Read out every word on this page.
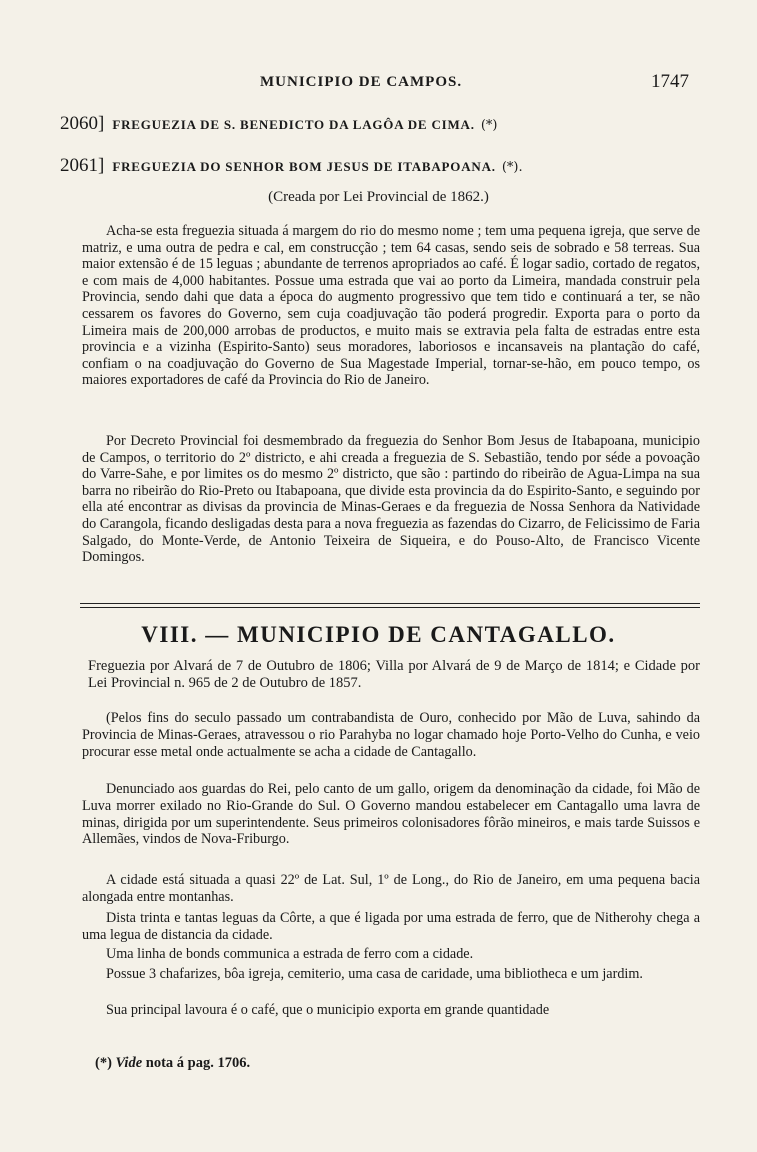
MUNICIPIO DE CAMPOS.	1747
2060] FREGUEZIA DE S. BENEDICTO DA LAGÔA DE CIMA. (*)
2061] FREGUEZIA DO SENHOR BOM JESUS DE ITABAPOANA. (*).
(Creada por Lei Provincial de 1862.)
Acha-se esta freguezia situada á margem do rio do mesmo nome ; tem uma pequena igreja, que serve de matriz, e uma outra de pedra e cal, em construcção ; tem 64 casas, sendo seis de sobrado e 58 terreas. Sua maior extensão é de 15 leguas ; abundante de terrenos apropriados ao café. É logar sadio, cortado de regatos, e com mais de 4,000 habitantes. Possue uma estrada que vai ao porto da Limeira, mandada construir pela Provincia, sendo dahi que data a época do augmento progressivo que tem tido e continuará a ter, se não cessarem os favores do Governo, sem cuja coadjuvação tão poderá progredir. Exporta para o porto da Limeira mais de 200,000 arrobas de productos, e muito mais se extravia pela falta de estradas entre esta provincia e a vizinha (Espirito-Santo) seus moradores, laboriosos e incansaveis na plantação do café, confiam o na coadjuvação do Governo de Sua Magestade Imperial, tornar-se-hão, em pouco tempo, os maiores exportadores de café da Provincia do Rio de Janeiro.
Por Decreto Provincial foi desmembrado da freguezia do Senhor Bom Jesus de Itabapoana, municipio de Campos, o territorio do 2º districto, e ahi creada a freguezia de S. Sebastião, tendo por séde a povoação do Varre-Sahe, e por limites os do mesmo 2º districto, que são : partindo do ribeirão de Agua-Limpa na sua barra no ribeirão do Rio-Preto ou Itabapoana, que divide esta provincia da do Espirito-Santo, e seguindo por ella até encontrar as divisas da provincia de Minas-Geraes e da freguezia de Nossa Senhora da Natividade do Carangola, ficando desligadas desta para a nova freguezia as fazendas do Cizarro, de Felicissimo de Faria Salgado, do Monte-Verde, de Antonio Teixeira de Siqueira, e do Pouso-Alto, de Francisco Vicente Domingos.
VIII. — MUNICIPIO DE CANTAGALLO.
Freguezia por Alvará de 7 de Outubro de 1806; Villa por Alvará de 9 de Março de 1814; e Cidade por Lei Provincial n. 965 de 2 de Outubro de 1857.
(Pelos fins do seculo passado um contrabandista de Ouro, conhecido por Mão de Luva, sahindo da Provincia de Minas-Geraes, atravessou o rio Parahyba no logar chamado hoje Porto-Velho do Cunha, e veio procurar esse metal onde actualmente se acha a cidade de Cantagallo.
Denunciado aos guardas do Rei, pelo canto de um gallo, origem da denominação da cidade, foi Mão de Luva morrer exilado no Rio-Grande do Sul. O Governo mandou estabelecer em Cantagallo uma lavra de minas, dirigida por um superintendente. Seus primeiros colonisadores fôrão mineiros, e mais tarde Suissos e Allemães, vindos de Nova-Friburgo.
A cidade está situada a quasi 22º de Lat. Sul, 1º de Long., do Rio de Janeiro, em uma pequena bacia alongada entre montanhas.
Dista trinta e tantas leguas da Côrte, a que é ligada por uma estrada de ferro, que de Nitherohy chega a uma legua de distancia da cidade.
Uma linha de bonds communica a estrada de ferro com a cidade.
Possue 3 chafarizes, bôa igreja, cemiterio, uma casa de caridade, uma bibliotheca e um jardim.
Sua principal lavoura é o café, que o municipio exporta em grande quantidade
(*) Vide nota á pag. 1706.
